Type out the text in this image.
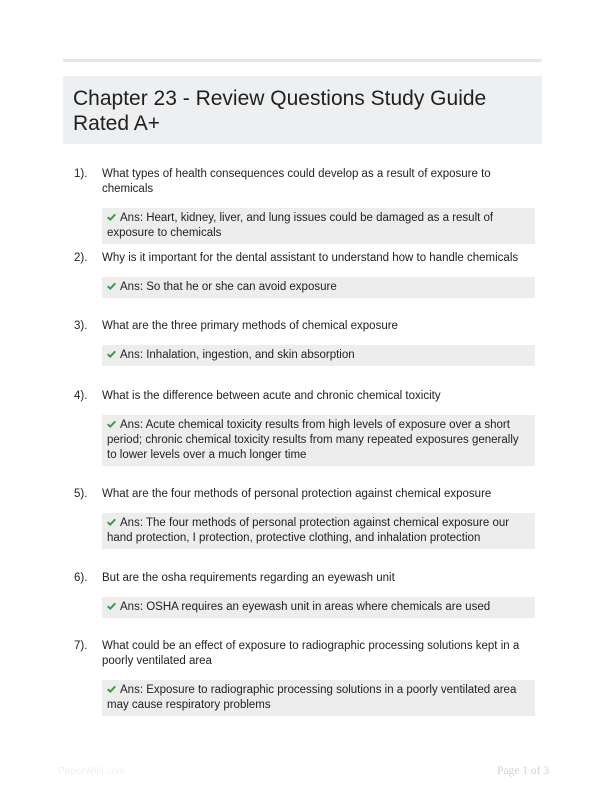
Chapter 23 - Review Questions Study Guide Rated A+
1).	What types of health consequences could develop as a result of exposure to chemicals
Ans: Heart, kidney, liver, and lung issues could be damaged as a result of exposure to chemicals
2).	Why is it important for the dental assistant to understand how to handle chemicals
Ans: So that he or she can avoid exposure
3).	What are the three primary methods of chemical exposure
Ans: Inhalation, ingestion, and skin absorption
4).	What is the difference between acute and chronic chemical toxicity
Ans: Acute chemical toxicity results from high levels of exposure over a short period; chronic chemical toxicity results from many repeated exposures generally to lower levels over a much longer time
5).	What are the four methods of personal protection against chemical exposure
Ans: The four methods of personal protection against chemical exposure our hand protection, I protection, protective clothing, and inhalation protection
6).	But are the osha requirements regarding an eyewash unit
Ans: OSHA requires an eyewash unit in areas where chemicals are used
7).	What could be an effect of exposure to radiographic processing solutions kept in a poorly ventilated area
Ans: Exposure to radiographic processing solutions in a poorly ventilated area may cause respiratory problems
PaperWiki.com	Page 1 of 3
